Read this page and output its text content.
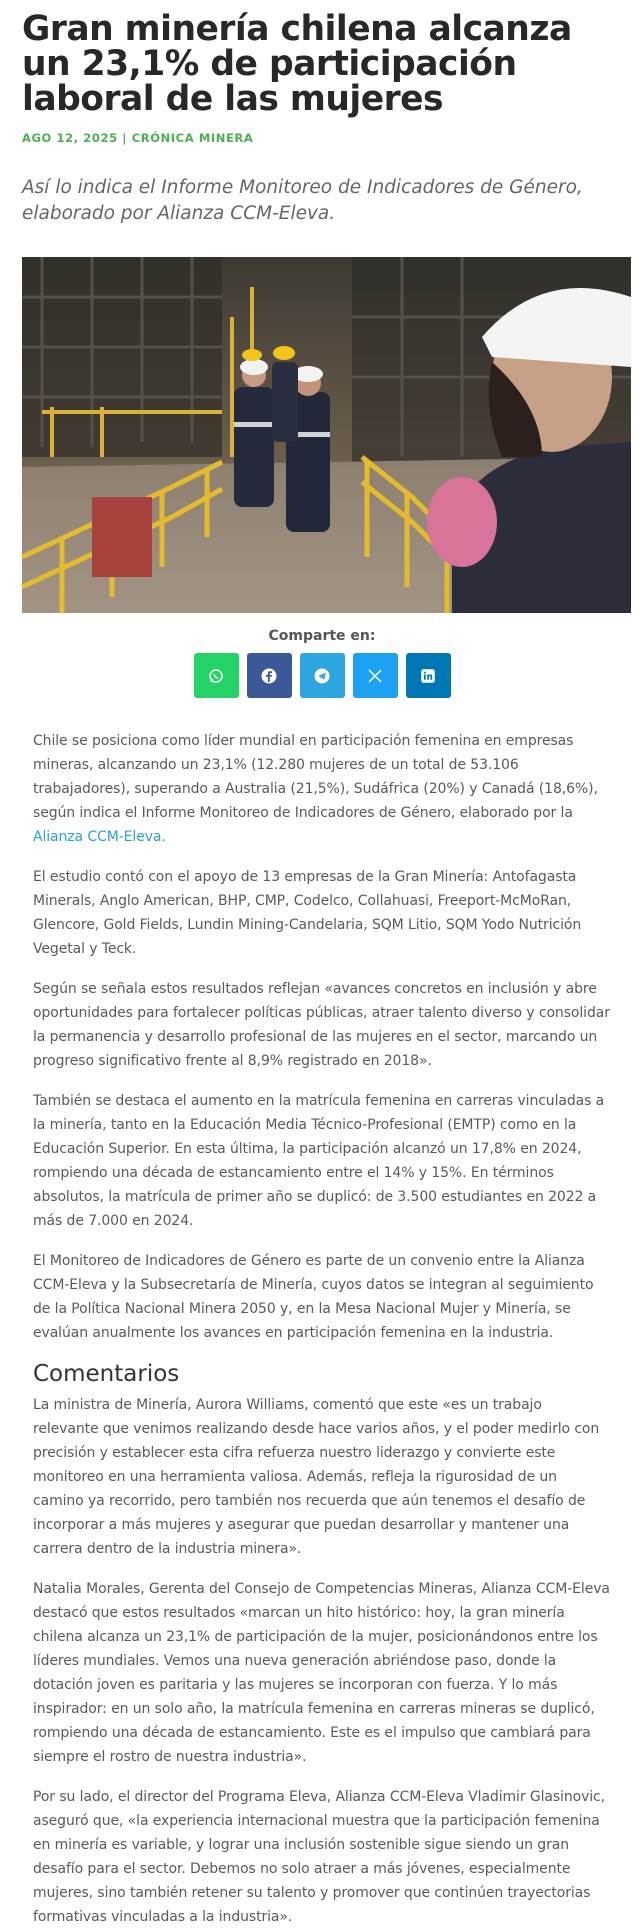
Gran minería chilena alcanza un 23,1% de participación laboral de las mujeres
AGO 12, 2025 | CRÓNICA MINERA
Así lo indica el Informe Monitoreo de Indicadores de Género, elaborado por Alianza CCM-Eleva.
Comparte en:

Chile se posiciona como líder mundial en participación femenina en empresas mineras, alcanzando un 23,1% (12.280 mujeres de un total de 53.106 trabajadores), superando a Australia (21,5%), Sudáfrica (20%) y Canadá (18,6%), según indica el Informe Monitoreo de Indicadores de Género, elaborado por la Alianza CCM-Eleva.

El estudio contó con el apoyo de 13 empresas de la Gran Minería: Antofagasta Minerals, Anglo American, BHP, CMP, Codelco, Collahuasi, Freeport-McMoRan, Glencore, Gold Fields, Lundin Mining-Candelaria, SQM Litio, SQM Yodo Nutrición Vegetal y Teck.

Según se señala estos resultados reflejan «avances concretos en inclusión y abre oportunidades para fortalecer políticas públicas, atraer talento diverso y consolidar la permanencia y desarrollo profesional de las mujeres en el sector, marcando un progreso significativo frente al 8,9% registrado en 2018».

También se destaca el aumento en la matrícula femenina en carreras vinculadas a la minería, tanto en la Educación Media Técnico-Profesional (EMTP) como en la Educación Superior. En esta última, la participación alcanzó un 17,8% en 2024, rompiendo una década de estancamiento entre el 14% y 15%. En términos absolutos, la matrícula de primer año se duplicó: de 3.500 estudiantes en 2022 a más de 7.000 en 2024.

El Monitoreo de Indicadores de Género es parte de un convenio entre la Alianza CCM-Eleva y la Subsecretaría de Minería, cuyos datos se integran al seguimiento de la Política Nacional Minera 2050 y, en la Mesa Nacional Mujer y Minería, se evalúan anualmente los avances en participación femenina en la industria.

Comentarios

La ministra de Minería, Aurora Williams, comentó que este «es un trabajo relevante que venimos realizando desde hace varios años, y el poder medirlo con precisión y establecer esta cifra refuerza nuestro liderazgo y convierte este monitoreo en una herramienta valiosa. Además, refleja la rigurosidad de un camino ya recorrido, pero también nos recuerda que aún tenemos el desafío de incorporar a más mujeres y asegurar que puedan desarrollar y mantener una carrera dentro de la industria minera».

Natalia Morales, Gerenta del Consejo de Competencias Mineras, Alianza CCM-Eleva destacó que estos resultados «marcan un hito histórico: hoy, la gran minería chilena alcanza un 23,1% de participación de la mujer, posicionándonos entre los líderes mundiales. Vemos una nueva generación abriéndose paso, donde la dotación joven es paritaria y las mujeres se incorporan con fuerza. Y lo más inspirador: en un solo año, la matrícula femenina en carreras mineras se duplicó, rompiendo una década de estancamiento. Este es el impulso que cambiará para siempre el rostro de nuestra industria».

Por su lado, el director del Programa Eleva, Alianza CCM-Eleva Vladimir Glasinovic, aseguró que, «la experiencia internacional muestra que la participación femenina en minería es variable, y lograr una inclusión sostenible sigue siendo un gran desafío para el sector. Debemos no solo atraer a más jóvenes, especialmente mujeres, sino también retener su talento y promover que continúen trayectorias formativas vinculadas a la industria».
